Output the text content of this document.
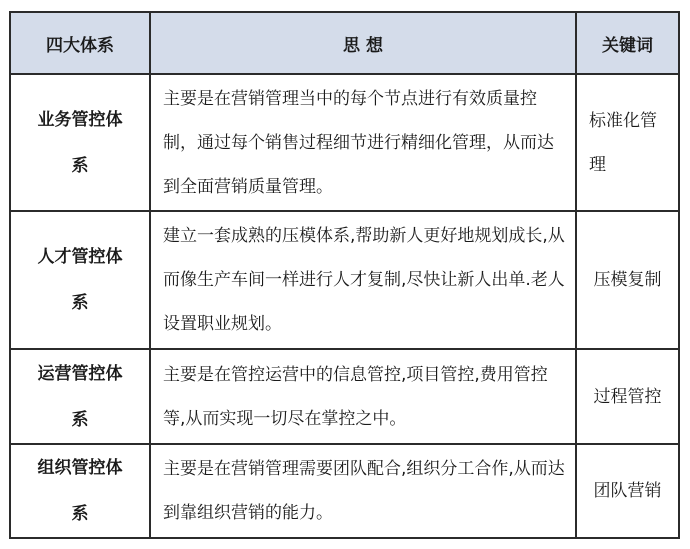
四大体系	思 想	关键词

业务管控体系	主要是在营销管理当中的每个节点进行有效质量控制，通过每个销售过程细节进行精细化管理，从而达到全面营销质量管理。	标准化管理

人才管控体系	建立一套成熟的压模体系,帮助新人更好地规划成长,从而像生产车间一样进行人才复制,尽快让新人出单.老人设置职业规划。	压模复制

运营管控体系	主要是在管控运营中的信息管控,项目管控,费用管控等,从而实现一切尽在掌控之中。	过程管控

组织管控体系	主要是在营销管理需要团队配合,组织分工合作,从而达到靠组织营销的能力。	团队营销
